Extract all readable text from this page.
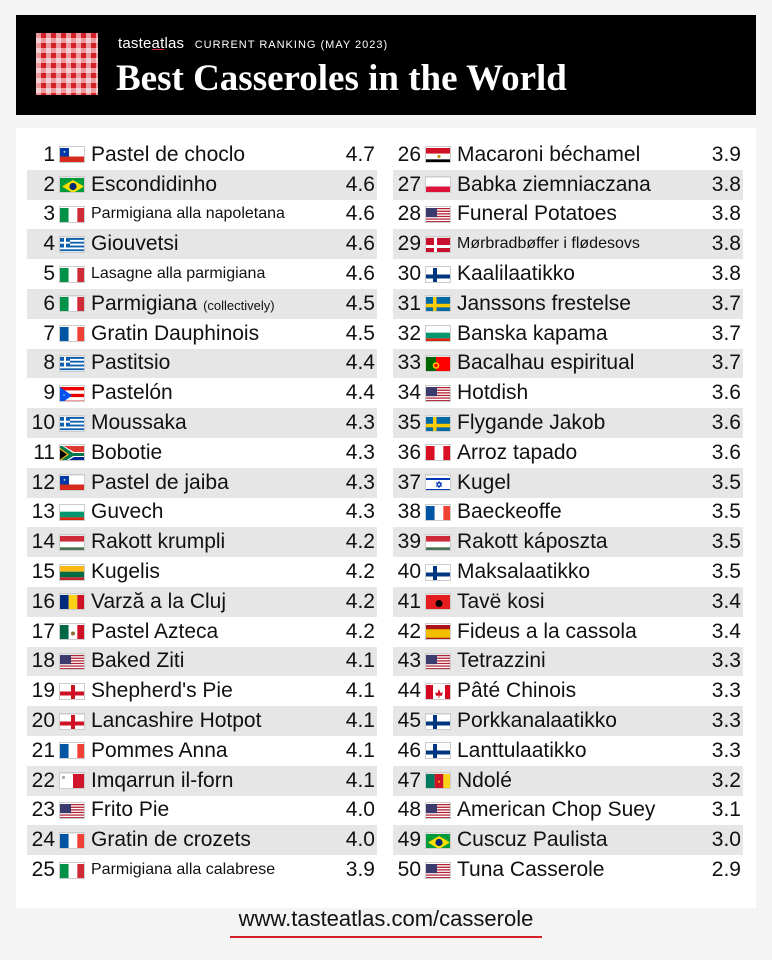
tasteatlas CURRENT RANKING (MAY 2023)
Best Casseroles in the World
1 Pastel de choclo	4.7
2 Escondidinho	4.6
3 Parmigiana alla napoletana	4.6
4 Giouvetsi	4.6
5 Lasagne alla parmigiana	4.6
6 Parmigiana (collectively)	4.5
7 Gratin Dauphinois	4.5
8 Pastitsio	4.4
9 Pastelón	4.4
10 Moussaka	4.3
11 Bobotie	4.3
12 Pastel de jaiba	4.3
13 Guvech	4.3
14 Rakott krumpli	4.2
15 Kugelis	4.2
16 Varză a la Cluj	4.2
17 Pastel Azteca	4.2
18 Baked Ziti	4.1
19 Shepherd's Pie	4.1
20 Lancashire Hotpot	4.1
21 Pommes Anna	4.1
22 Imqarrun il-forn	4.1
23 Frito Pie	4.0
24 Gratin de crozets	4.0
25 Parmigiana alla calabrese	3.9
26 Macaroni béchamel	3.9
27 Babka ziemniaczana	3.8
28 Funeral Potatoes	3.8
29 Mørbradbøffer i flødesovs	3.8
30 Kaalilaatikko	3.8
31 Janssons frestelse	3.7
32 Banska kapama	3.7
33 Bacalhau espiritual	3.7
34 Hotdish	3.6
35 Flygande Jakob	3.6
36 Arroz tapado	3.6
37 Kugel	3.5
38 Baeckeoffe	3.5
39 Rakott káposzta	3.5
40 Maksalaatikko	3.5
41 Tavë kosi	3.4
42 Fideus a la cassola	3.4
43 Tetrazzini	3.3
44 Pâté Chinois	3.3
45 Porkkanalaatikko	3.3
46 Lanttulaatikko	3.3
47 Ndolé	3.2
48 American Chop Suey	3.1
49 Cuscuz Paulista	3.0
50 Tuna Casserole	2.9
www.tasteatlas.com/casserole
